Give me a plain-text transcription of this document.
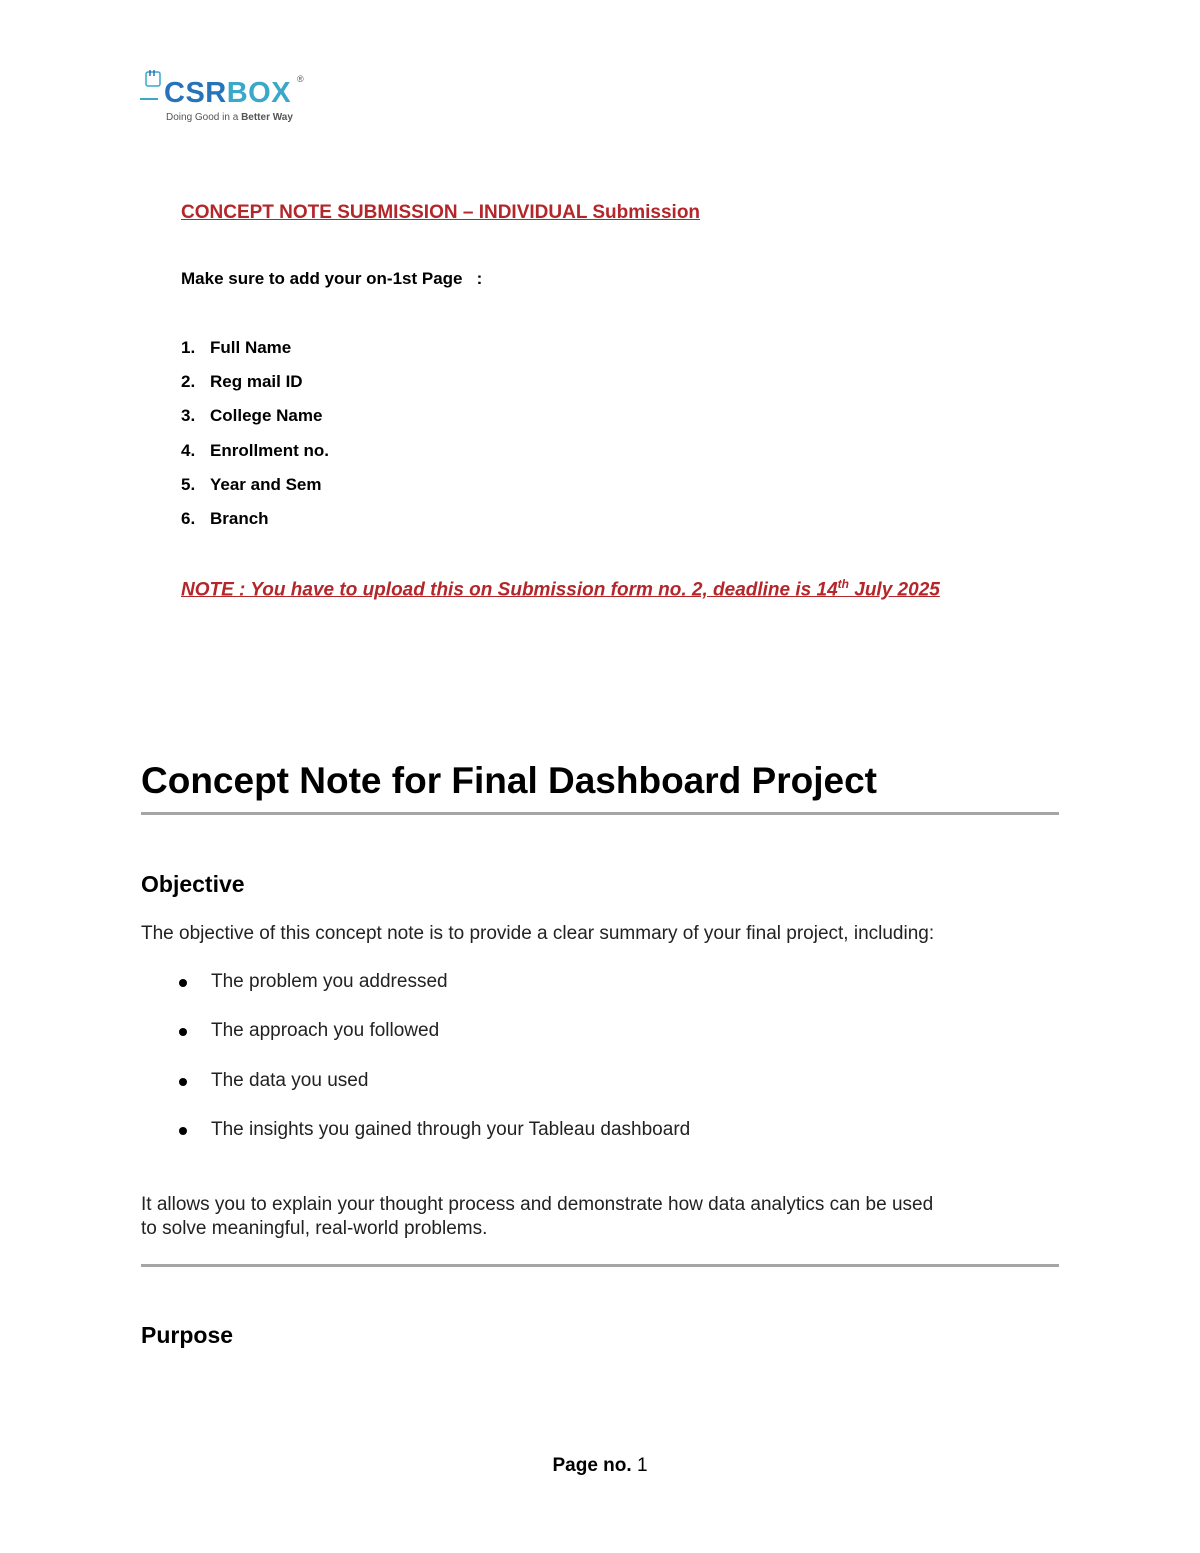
CSRBOX ®
Doing Good in a Better Way
CONCEPT NOTE SUBMISSION – INDIVIDUAL Submission
Make sure to add your on-1st Page   :
1. Full Name
2. Reg mail ID
3. College Name
4. Enrollment no.
5. Year and Sem
6. Branch
NOTE : You have to upload this on Submission form no. 2, deadline is 14th July 2025
Concept Note for Final Dashboard Project
Objective
The objective of this concept note is to provide a clear summary of your final project, including:
The problem you addressed
The approach you followed
The data you used
The insights you gained through your Tableau dashboard
It allows you to explain your thought process and demonstrate how data analytics can be used
to solve meaningful, real-world problems.
Purpose
Page no. 1
